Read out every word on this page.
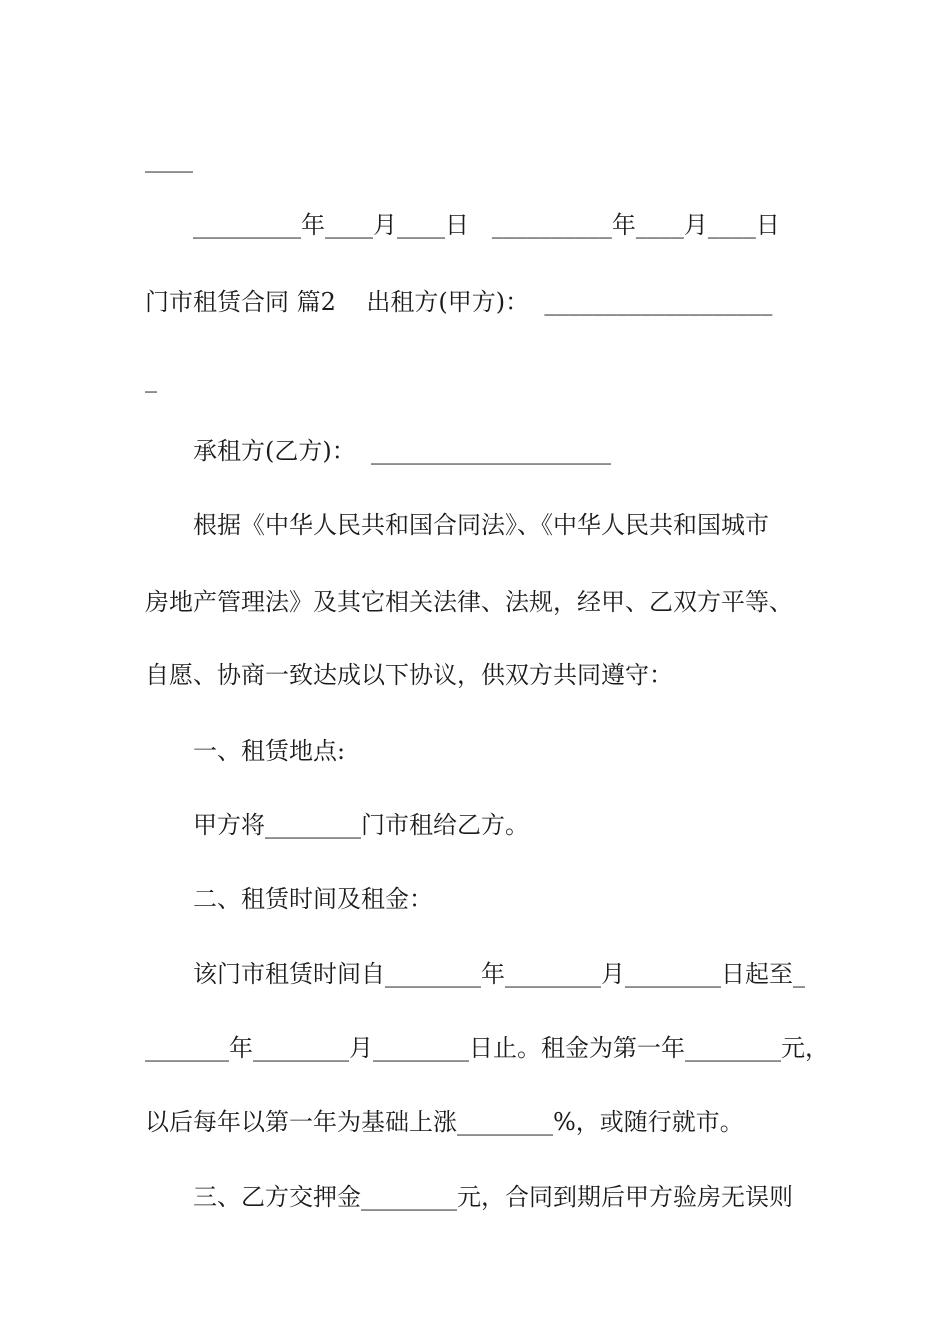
____
_________年____月____日   __________年____月____日
门市租赁合同 篇2    出租方(甲方)：  ___________________
_
承租方(乙方)：  ____________________
根据《中华人民共和国合同法》、《中华人民共和国城市
房地产管理法》及其它相关法律、法规，经甲、乙双方平等、
自愿、协商一致达成以下协议，供双方共同遵守：
一、租赁地点:
甲方将________门市租给乙方。
二、租赁时间及租金：
该门市租赁时间自________年________月________日起至_
_______年________月________日止。租金为第一年________元，
以后每年以第一年为基础上涨________%，或随行就市。
三、乙方交押金________元，合同到期后甲方验房无误则
